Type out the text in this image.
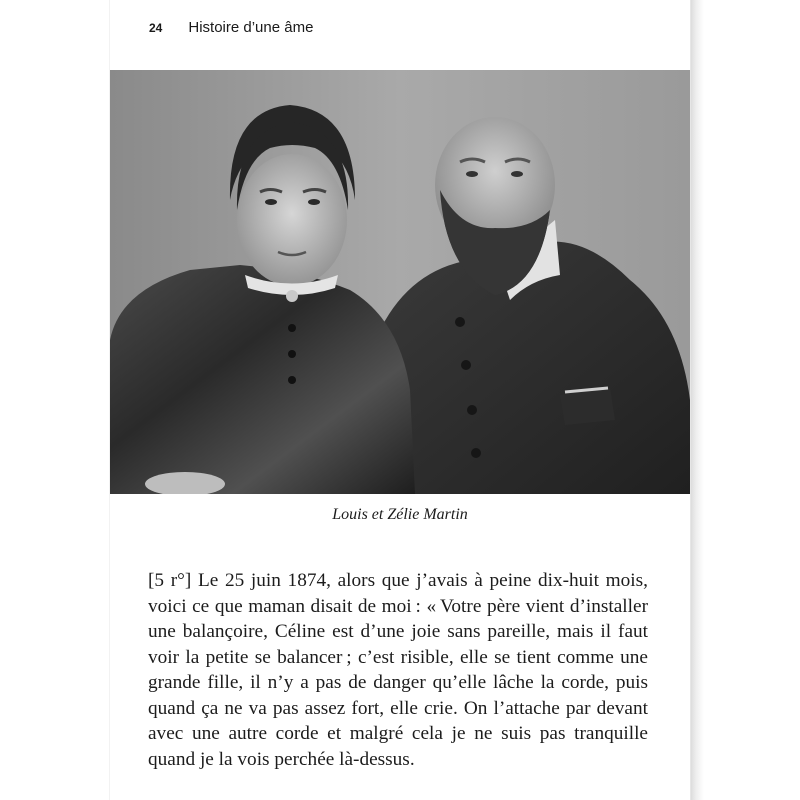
24 Histoire d’une âme
Louis et Zélie Martin
[5 r°] Le 25 juin 1874, alors que j’avais à peine dix-huit mois,
voici ce que maman disait de moi : « Votre père vient d’installer
une balançoire, Céline est d’une joie sans pareille, mais il faut
voir la petite se balancer ; c’est risible, elle se tient comme une
grande fille, il n’y a pas de danger qu’elle lâche la corde, puis
quand ça ne va pas assez fort, elle crie. On l’attache par devant
avec une autre corde et malgré cela je ne suis pas tranquille
quand je la vois perchée là-dessus.
